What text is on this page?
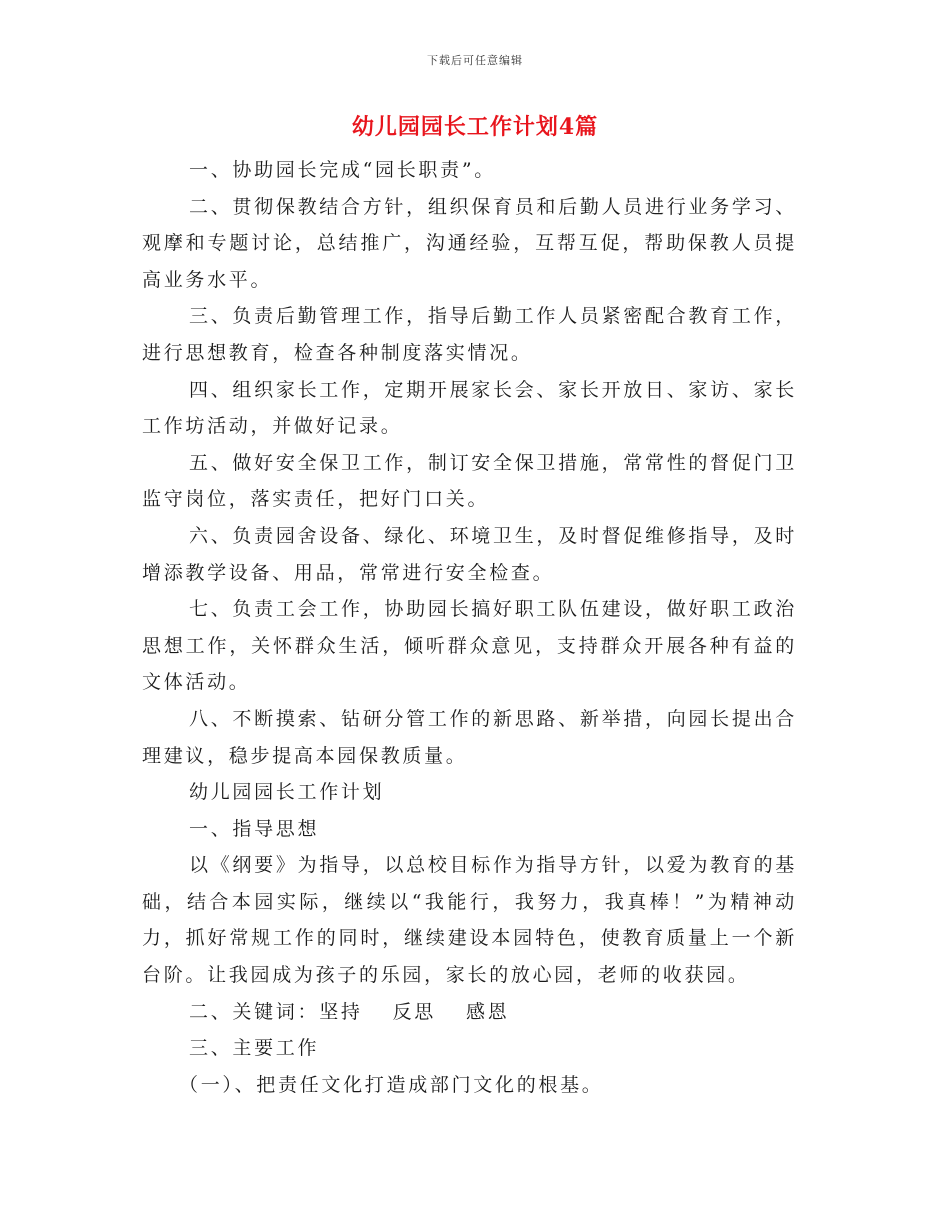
下载后可任意编辑
幼儿园园长工作计划4篇

一、协助园长完成“园长职责”。

二、贯彻保教结合方针，组织保育员和后勤人员进行业务学习、观摩和专题讨论，总结推广，沟通经验，互帮互促，帮助保教人员提高业务水平。

三、负责后勤管理工作，指导后勤工作人员紧密配合教育工作，进行思想教育，检查各种制度落实情况。

四、组织家长工作，定期开展家长会、家长开放日、家访、家长工作坊活动，并做好记录。

五、做好安全保卫工作，制订安全保卫措施，常常性的督促门卫监守岗位，落实责任，把好门口关。

六、负责园舍设备、绿化、环境卫生，及时督促维修指导，及时增添教学设备、用品，常常进行安全检查。

七、负责工会工作，协助园长搞好职工队伍建设，做好职工政治思想工作，关怀群众生活，倾听群众意见，支持群众开展各种有益的文体活动。

八、不断摸索、钻研分管工作的新思路、新举措，向园长提出合理建议，稳步提高本园保教质量。

幼儿园园长工作计划

一、指导思想

以《纲要》为指导，以总校目标作为指导方针，以爱为教育的基础，结合本园实际，继续以“我能行，我努力，我真棒！”为精神动力，抓好常规工作的同时，继续建设本园特色，使教育质量上一个新台阶。让我园成为孩子的乐园，家长的放心园，老师的收获园。

二、关键词：坚持 反思 感恩

三、主要工作

（一）、把责任文化打造成部门文化的根基。
